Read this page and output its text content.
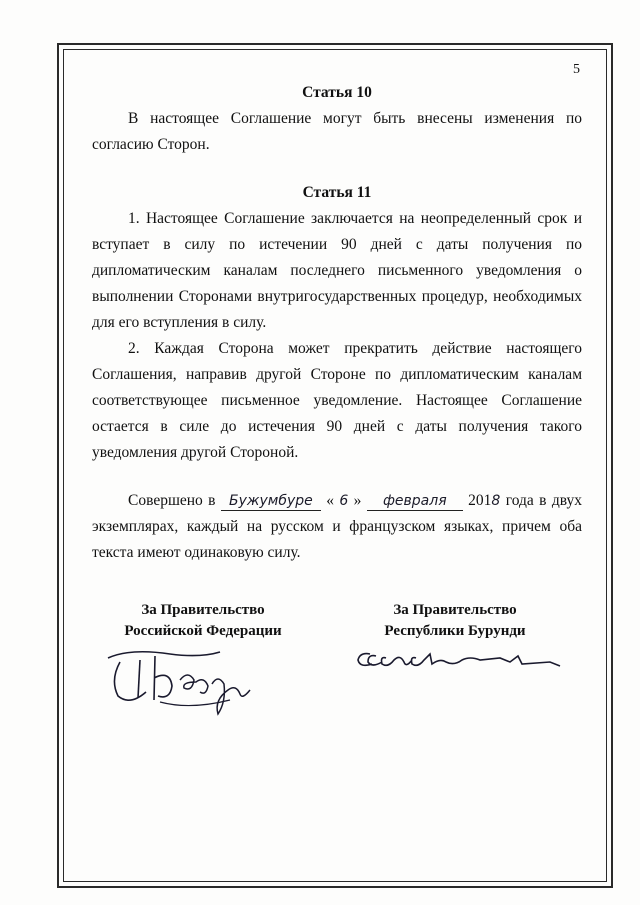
5

Статья 10

В настоящее Соглашение могут быть внесены изменения по согласию Сторон.

Статья 11

1. Настоящее Соглашение заключается на неопределенный срок и вступает в силу по истечении 90 дней с даты получения по дипломатическим каналам последнего письменного уведомления о выполнении Сторонами внутригосударственных процедур, необходимых для его вступления в силу.

2. Каждая Сторона может прекратить действие настоящего Соглашения, направив другой Стороне по дипломатическим каналам соответствующее письменное уведомление. Настоящее Соглашение остается в силе до истечения 90 дней с даты получения такого уведомления другой Стороной.

Совершено в Бужумбуре « 6 » февраля 2018 года в двух экземплярах, каждый на русском и французском языках, причем оба текста имеют одинаковую силу.

За Правительство
Российской Федерации
За Правительство
Республики Бурунди
